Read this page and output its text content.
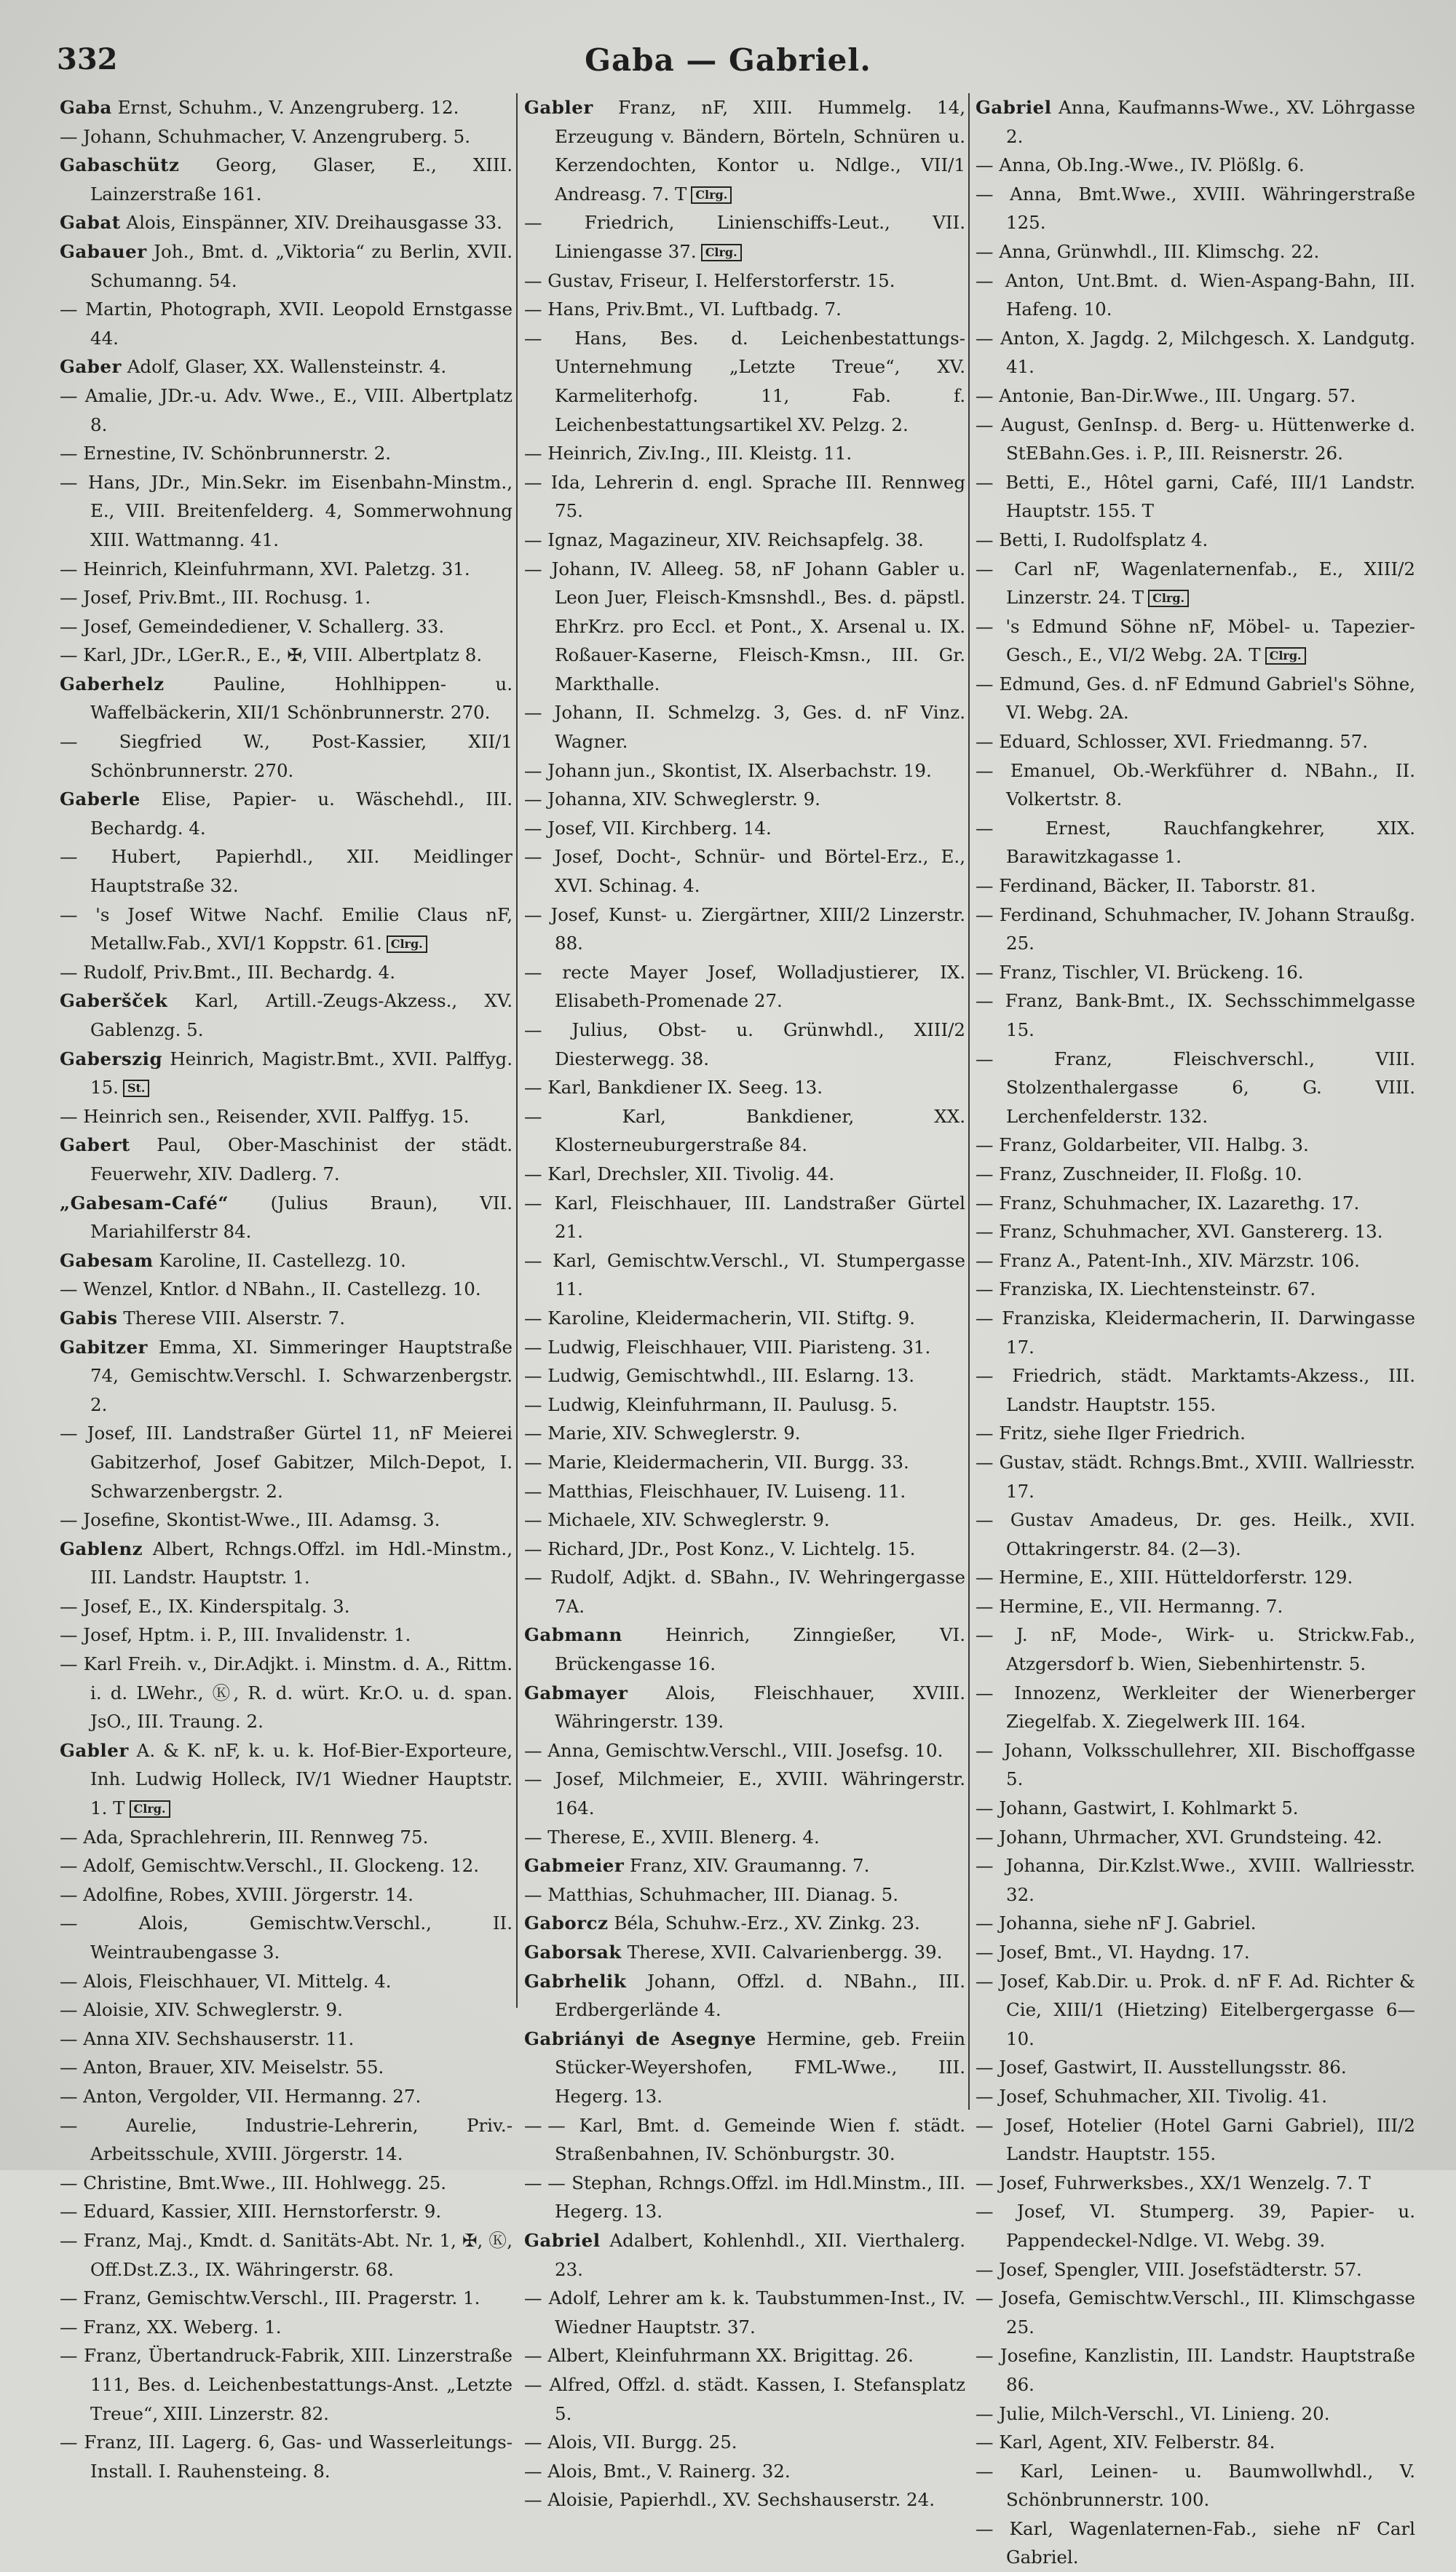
332	Gaba — Gabriel.
Gaba Ernst, Schuhm., V. Anzengruberg. 12.
— Johann, Schuhmacher, V. Anzengruberg. 5.
Gabaschütz Georg, Glaser, E., XIII. Lainzerstraße 161.
Gabat Alois, Einspänner, XIV. Dreihausgasse 33.
Gabauer Joh., Bmt. d. „Viktoria“ zu Berlin, XVII. Schumanng. 54.
— Martin, Photograph, XVII. Leopold Ernstgasse 44.
Gaber Adolf, Glaser, XX. Wallensteinstr. 4.
— Amalie, JDr.-u. Adv. Wwe., E., VIII. Albertplatz 8.
— Ernestine, IV. Schönbrunnerstr. 2.
— Hans, JDr., Min.Sekr. im Eisenbahn-Minstm., E., VIII. Breitenfelderg. 4, Sommerwohnung XIII. Wattmanng. 41.
— Heinrich, Kleinfuhrmann, XVI. Paletzg. 31.
— Josef, Priv.Bmt., III. Rochusg. 1.
— Josef, Gemeindediener, V. Schallerg. 33.
— Karl, JDr., LGer.R., E., ✠, VIII. Albertplatz 8.
Gaberhelz	Pauline, Hohlhippen- u. Waffelbäckerin, XII/1 Schönbrunnerstr. 270.
— Siegfried W., Post-Kassier, XII/1 Schönbrunnerstr. 270.
Gaberle Elise, Papier- u. Wäschehdl., III. Bechardg. 4.
— Hubert, Papierhdl., XII. Meidlinger Hauptstraße 32.
— 's Josef Witwe Nachf. Emilie Claus nF, Metallw.Fab., XVI/1 Koppstr. 61. Clrg.
— Rudolf, Priv.Bmt., III. Bechardg. 4.
Gaberšček Karl, Artill.-Zeugs-Akzess., XV. Gablenzg. 5.
Gaberszig Heinrich, Magistr.Bmt., XVII. Palffyg. 15. St.
— Heinrich sen., Reisender, XVII. Palffyg. 15.
Gabert Paul, Ober-Maschinist der städt. Feuerwehr, XIV. Dadlerg. 7.
„Gabesam-Café“ (Julius Braun), VII. Mariahilferstr 84.
Gabesam Karoline, II. Castellezg. 10.
— Wenzel, Kntlor. d NBahn., II. Castellezg. 10.
Gabis Therese VIII. Alserstr. 7.
Gabitzer Emma, XI. Simmeringer Hauptstraße 74, Gemischtw.Verschl. I. Schwarzenbergstr. 2.
— Josef, III. Landstraßer Gürtel 11, nF Meierei Gabitzerhof, Josef Gabitzer, Milch-Depot, I. Schwarzenbergstr. 2.
— Josefine, Skontist-Wwe., III. Adamsg. 3.
Gablenz Albert, Rchngs.Offzl. im Hdl.-Minstm., III. Landstr. Hauptstr. 1.
— Josef, E., IX. Kinderspitalg. 3.
— Josef, Hptm. i. P., III. Invalidenstr. 1.
— Karl Freih. v., Dir.Adjkt. i. Minstm. d. A., Rittm. i. d. LWehr., Ⓚ, R. d. würt. Kr.O. u. d. span. JsO., III. Traung. 2.
Gabler A. & K. nF, k. u. k. Hof-Bier-Exporteure, Inh. Ludwig Holleck, IV/1 Wiedner Hauptstr. 1. T Clrg.
— Ada, Sprachlehrerin, III. Rennweg 75.
— Adolf, Gemischtw.Verschl., II. Glockeng. 12.
— Adolfine, Robes, XVIII. Jörgerstr. 14.
—	Alois, Gemischtw.Verschl., II. Weintraubengasse 3.
— Alois, Fleischhauer, VI. Mittelg. 4.
— Aloisie, XIV. Schweglerstr. 9.
— Anna XIV. Sechshauserstr. 11.
— Anton, Brauer, XIV. Meiselstr. 55.
— Anton, Vergolder, VII. Hermanng. 27.
—	Aurelie, Industrie-Lehrerin, Priv.-Arbeitsschule, XVIII. Jörgerstr. 14.
— Christine, Bmt.Wwe., III. Hohlwegg. 25.
— Eduard, Kassier, XIII. Hernstorferstr. 9.
— Franz, Maj., Kmdt. d. Sanitäts-Abt. Nr. 1, ✠, Ⓚ, Off.Dst.Z.3., IX. Währingerstr. 68.
— Franz, Gemischtw.Verschl., III. Pragerstr. 1.
— Franz, XX. Weberg. 1.
— Franz, Übertandruck-Fabrik, XIII. Linzerstraße 111, Bes. d. Leichenbestattungs-Anst. „Letzte Treue“, XIII. Linzerstr. 82.
— Franz, III. Lagerg. 6, Gas- und Wasserleitungs-Install. I. Rauhensteing. 8.
Gabler Franz, nF, XIII. Hummelg. 14, Erzeugung v. Bändern, Börteln, Schnüren u. Kerzendochten, Kontor u. Ndlge., VII/1 Andreasg. 7. T Clrg.
— Friedrich, Linienschiffs-Leut., VII. Liniengasse 37. Clrg.
— Gustav, Friseur, I. Helferstorferstr. 15.
— Hans, Priv.Bmt., VI. Luftbadg. 7.
— Hans, Bes. d. Leichenbestattungs-Unternehmung „Letzte Treue“, XV. Karmeliterhofg. 11, Fab. f. Leichenbestattungsartikel XV. Pelzg. 2.
— Heinrich, Ziv.Ing., III. Kleistg. 11.
— Ida, Lehrerin d. engl. Sprache III. Rennweg 75.
— Ignaz, Magazineur, XIV. Reichsapfelg. 38.
— Johann, IV. Alleeg. 58, nF Johann Gabler u. Leon Juer, Fleisch-Kmsnshdl., Bes. d. päpstl. EhrKrz. pro Eccl. et Pont., X. Arsenal u. IX. Roßauer-Kaserne, Fleisch-Kmsn., III. Gr. Markthalle.
— Johann, II. Schmelzg. 3, Ges. d. nF Vinz. Wagner.
— Johann jun., Skontist, IX. Alserbachstr. 19.
— Johanna, XIV. Schweglerstr. 9.
— Josef, VII. Kirchberg. 14.
— Josef, Docht-, Schnür- und Börtel-Erz., E., XVI. Schinag. 4.
— Josef, Kunst- u. Ziergärtner, XIII/2 Linzerstr. 88.
— recte Mayer Josef, Wolladjustierer, IX. Elisabeth-Promenade 27.
— Julius, Obst- u. Grünwhdl., XIII/2 Diesterwegg. 38.
— Karl, Bankdiener IX. Seeg. 13.
—	Karl, Bankdiener, XX. Klosterneuburgerstraße 84.
— Karl, Drechsler, XII. Tivolig. 44.
— Karl, Fleischhauer, III. Landstraßer Gürtel 21.
— Karl, Gemischtw.Verschl., VI. Stumpergasse 11.
— Karoline, Kleidermacherin, VII. Stiftg. 9.
— Ludwig, Fleischhauer, VIII. Piaristeng. 31.
— Ludwig, Gemischtwhdl., III. Eslarng. 13.
— Ludwig, Kleinfuhrmann, II. Paulusg. 5.
— Marie, XIV. Schweglerstr. 9.
— Marie, Kleidermacherin, VII. Burgg. 33.
— Matthias, Fleischhauer, IV. Luiseng. 11.
— Michaele, XIV. Schweglerstr. 9.
— Richard, JDr., Post Konz., V. Lichtelg. 15.
— Rudolf, Adjkt. d. SBahn., IV. Wehringergasse 7A.
Gabmann Heinrich, Zinngießer, VI. Brückengasse 16.
Gabmayer Alois, Fleischhauer, XVIII. Währingerstr. 139.
— Anna, Gemischtw.Verschl., VIII. Josefsg. 10.
— Josef, Milchmeier, E., XVIII. Währingerstr. 164.
— Therese, E., XVIII. Blenerg. 4.
Gabmeier Franz, XIV. Graumanng. 7.
— Matthias, Schuhmacher, III. Dianag. 5.
Gaborcz Béla, Schuhw.-Erz., XV. Zinkg. 23.
Gaborsak Therese, XVII. Calvarienbergg. 39.
Gabrhelik Johann, Offzl. d. NBahn., III. Erdbergerlände 4.
Gabriányi de Asegnye Hermine, geb. Freiin Stücker-Weyershofen, FML-Wwe., III. Hegerg. 13.
— — Karl, Bmt. d. Gemeinde Wien f. städt. Straßenbahnen, IV. Schönburgstr. 30.
— — Stephan, Rchngs.Offzl. im Hdl.Minstm., III. Hegerg. 13.
Gabriel Adalbert, Kohlenhdl., XII. Vierthalerg. 23.
— Adolf, Lehrer am k. k. Taubstummen-Inst., IV. Wiedner Hauptstr. 37.
— Albert, Kleinfuhrmann XX. Brigittag. 26.
— Alfred, Offzl. d. städt. Kassen, I. Stefansplatz 5.
— Alois, VII. Burgg. 25.
— Alois, Bmt., V. Rainerg. 32.
— Aloisie, Papierhdl., XV. Sechshauserstr. 24.
Gabriel Anna, Kaufmanns-Wwe., XV. Löhrgasse 2.
— Anna, Ob.Ing.-Wwe., IV. Plößlg. 6.
— Anna, Bmt.Wwe., XVIII. Währingerstraße 125.
— Anna, Grünwhdl., III. Klimschg. 22.
— Anton, Unt.Bmt. d. Wien-Aspang-Bahn, III. Hafeng. 10.
— Anton, X. Jagdg. 2, Milchgesch. X. Landgutg. 41.
— Antonie, Ban-Dir.Wwe., III. Ungarg. 57.
— August, GenInsp. d. Berg- u. Hüttenwerke d. StEBahn.Ges. i. P., III. Reisnerstr. 26.
— Betti, E., Hôtel garni, Café, III/1 Landstr. Hauptstr. 155. T
— Betti, I. Rudolfsplatz 4.
— Carl nF, Wagenlaternenfab., E., XIII/2 Linzerstr. 24. T Clrg.
— 's Edmund Söhne nF, Möbel- u. Tapezier-Gesch., E., VI/2 Webg. 2A. T Clrg.
— Edmund, Ges. d. nF Edmund Gabriel's Söhne, VI. Webg. 2A.
— Eduard, Schlosser, XVI. Friedmanng. 57.
— Emanuel, Ob.-Werkführer d. NBahn., II. Volkertstr. 8.
—	Ernest, Rauchfangkehrer, XIX. Barawitzkagasse 1.
— Ferdinand, Bäcker, II. Taborstr. 81.
— Ferdinand, Schuhmacher, IV. Johann Straußg. 25.
— Franz, Tischler, VI. Brückeng. 16.
— Franz, Bank-Bmt., IX. Sechsschimmelgasse 15.
—	Franz, Fleischverschl., VIII. Stolzenthalergasse 6, G. VIII. Lerchenfelderstr. 132.
— Franz, Goldarbeiter, VII. Halbg. 3.
— Franz, Zuschneider, II. Floßg. 10.
— Franz, Schuhmacher, IX. Lazarethg. 17.
— Franz, Schuhmacher, XVI. Ganstererg. 13.
— Franz A., Patent-Inh., XIV. Märzstr. 106.
— Franziska, IX. Liechtensteinstr. 67.
— Franziska, Kleidermacherin, II. Darwingasse 17.
— Friedrich, städt. Marktamts-Akzess., III. Landstr. Hauptstr. 155.
— Fritz, siehe Ilger Friedrich.
— Gustav, städt. Rchngs.Bmt., XVIII. Wallriesstr. 17.
— Gustav Amadeus, Dr. ges. Heilk., XVII. Ottakringerstr. 84. (2—3).
— Hermine, E., XIII. Hütteldorferstr. 129.
— Hermine, E., VII. Hermanng. 7.
— J. nF, Mode-, Wirk- u. Strickw.Fab., Atzgersdorf b. Wien, Siebenhirtenstr. 5.
— Innozenz, Werkleiter der Wienerberger Ziegelfab. X. Ziegelwerk III. 164.
— Johann, Volksschullehrer, XII. Bischoffgasse 5.
— Johann, Gastwirt, I. Kohlmarkt 5.
— Johann, Uhrmacher, XVI. Grundsteing. 42.
— Johanna, Dir.Kzlst.Wwe., XVIII. Wallriesstr. 32.
— Johanna, siehe nF J. Gabriel.
— Josef, Bmt., VI. Haydng. 17.
— Josef, Kab.Dir. u. Prok. d. nF F. Ad. Richter & Cie, XIII/1 (Hietzing) Eitelbergergasse 6—10.
— Josef, Gastwirt, II. Ausstellungsstr. 86.
— Josef, Schuhmacher, XII. Tivolig. 41.
— Josef, Hotelier (Hotel Garni Gabriel), III/2 Landstr. Hauptstr. 155.
— Josef, Fuhrwerksbes., XX/1 Wenzelg. 7. T
— Josef, VI. Stumperg. 39, Papier- u. Pappendeckel-Ndlge. VI. Webg. 39.
— Josef, Spengler, VIII. Josefstädterstr. 57.
— Josefa, Gemischtw.Verschl., III. Klimschgasse 25.
— Josefine, Kanzlistin, III. Landstr. Hauptstraße 86.
— Julie, Milch-Verschl., VI. Linieng. 20.
— Karl, Agent, XIV. Felberstr. 84.
— Karl, Leinen- u. Baumwollwhdl., V. Schönbrunnerstr. 100.
— Karl, Wagenlaternen-Fab., siehe nF Carl Gabriel.
